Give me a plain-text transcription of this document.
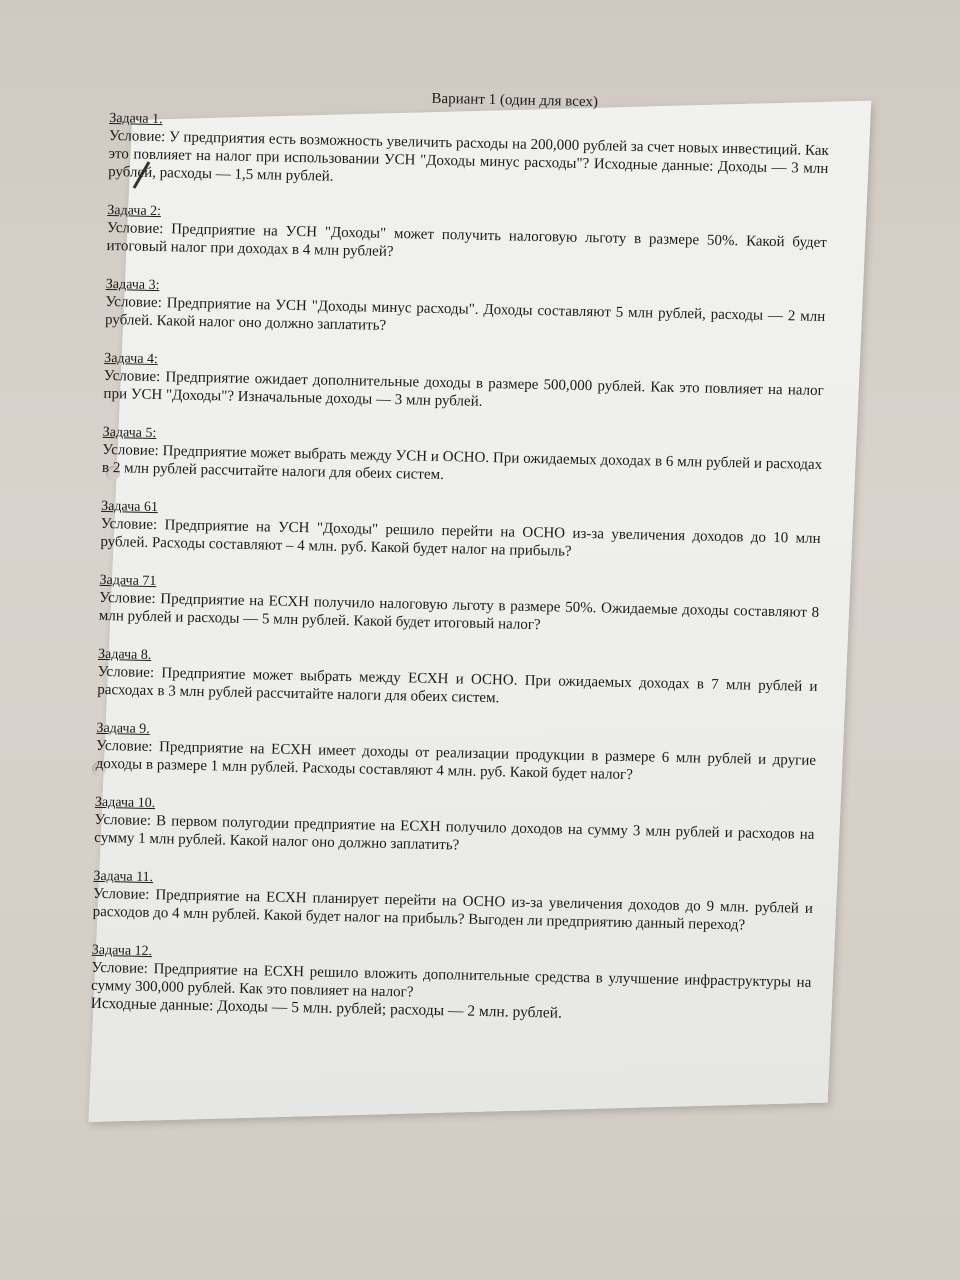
Вариант 1 (один для всех)
Задача 1.

Условие: У предприятия есть возможность увеличить расходы на 200,000 рублей за счет новых инвестиций. Как это повлияет на налог при использовании УСН "Доходы минус расходы"? Исходные данные: Доходы — 3 млн рублей, расходы — 1,5 млн рублей.

Задача 2:

Условие: Предприятие на УСН "Доходы" может получить налоговую льготу в размере 50%. Какой будет итоговый налог при доходах в 4 млн рублей?

Задача 3:

Условие: Предприятие на УСН "Доходы минус расходы". Доходы составляют 5 млн рублей, расходы — 2 млн рублей. Какой налог оно должно заплатить?

Задача 4:

Условие: Предприятие ожидает дополнительные доходы в размере 500,000 рублей. Как это повлияет на налог при УСН "Доходы"? Изначальные доходы — 3 млн рублей.

Задача 5:

Условие: Предприятие может выбрать между УСН и ОСНО. При ожидаемых доходах в 6 млн рублей и расходах в 2 млн рублей рассчитайте налоги для обеих систем.

Задача 61

Условие: Предприятие на УСН "Доходы" решило перейти на ОСНО из-за увеличения доходов до 10 млн рублей. Расходы составляют – 4 млн. руб. Какой будет налог на прибыль?

Задача 71

Условие: Предприятие на ЕСХН получило налоговую льготу в размере 50%. Ожидаемые доходы составляют 8 млн рублей и расходы — 5 млн рублей. Какой будет итоговый налог?

Задача 8.

Условие: Предприятие может выбрать между ЕСХН и ОСНО. При ожидаемых доходах в 7 млн рублей и расходах в 3 млн рублей рассчитайте налоги для обеих систем.

Задача 9.

Условие: Предприятие на ЕСХН имеет доходы от реализации продукции в размере 6 млн рублей и другие доходы в размере 1 млн рублей. Расходы составляют 4 млн. руб. Какой будет налог?

Задача 10.

Условие: В первом полугодии предприятие на ЕСХН получило доходов на сумму 3 млн рублей и расходов на сумму 1 млн рублей. Какой налог оно должно заплатить?

Задача 11.

Условие: Предприятие на ЕСХН планирует перейти на ОСНО из-за увеличения доходов до 9 млн. рублей и расходов до 4 млн рублей. Какой будет налог на прибыль? Выгоден ли предприятию данный переход?

Задача 12.

Условие: Предприятие на ЕСХН решило вложить дополнительные средства в улучшение инфраструктуры на сумму 300,000 рублей. Как это повлияет на налог?

Исходные данные: Доходы — 5 млн. рублей; расходы — 2 млн. рублей.
